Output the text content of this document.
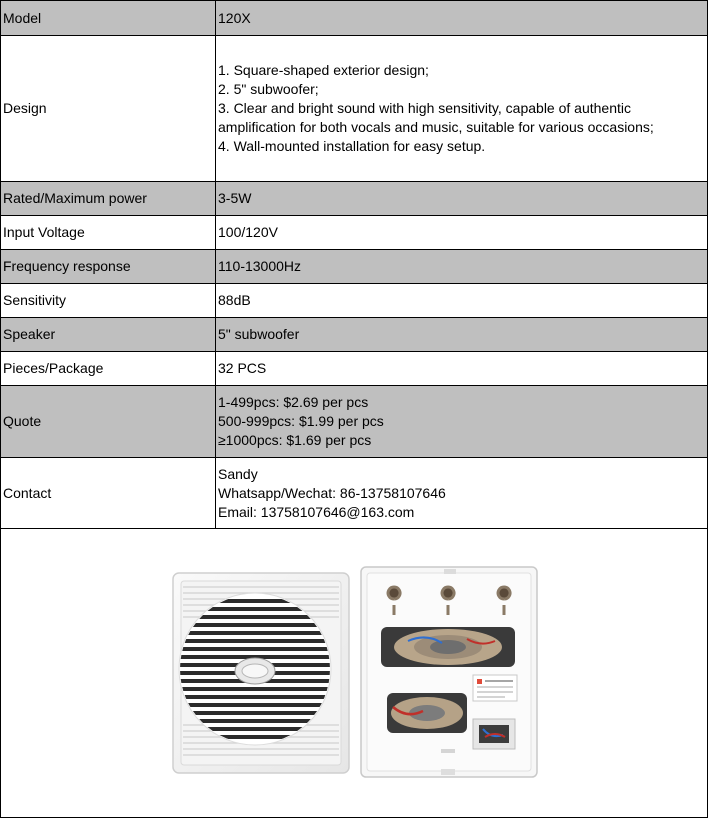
Model	120X
Design	1. Square-shaped exterior design;
2. 5" subwoofer;
3. Clear and bright sound with high sensitivity, capable of authentic
amplification for both vocals and music, suitable for various occasions;
4. Wall-mounted installation for easy setup.

Rated/Maximum power	3-5W
Input Voltage	100/120V
Frequency response	110-13000Hz
Sensitivity	88dB
Speaker	5" subwoofer
Pieces/Package	32 PCS
Quote	1-499pcs: $2.69 per pcs
500-999pcs: $1.99 per pcs
≥1000pcs: $1.69 per pcs

Contact	Sandy
Whatsapp/Wechat: 86-13758107646
Email: 13758107646@163.com
